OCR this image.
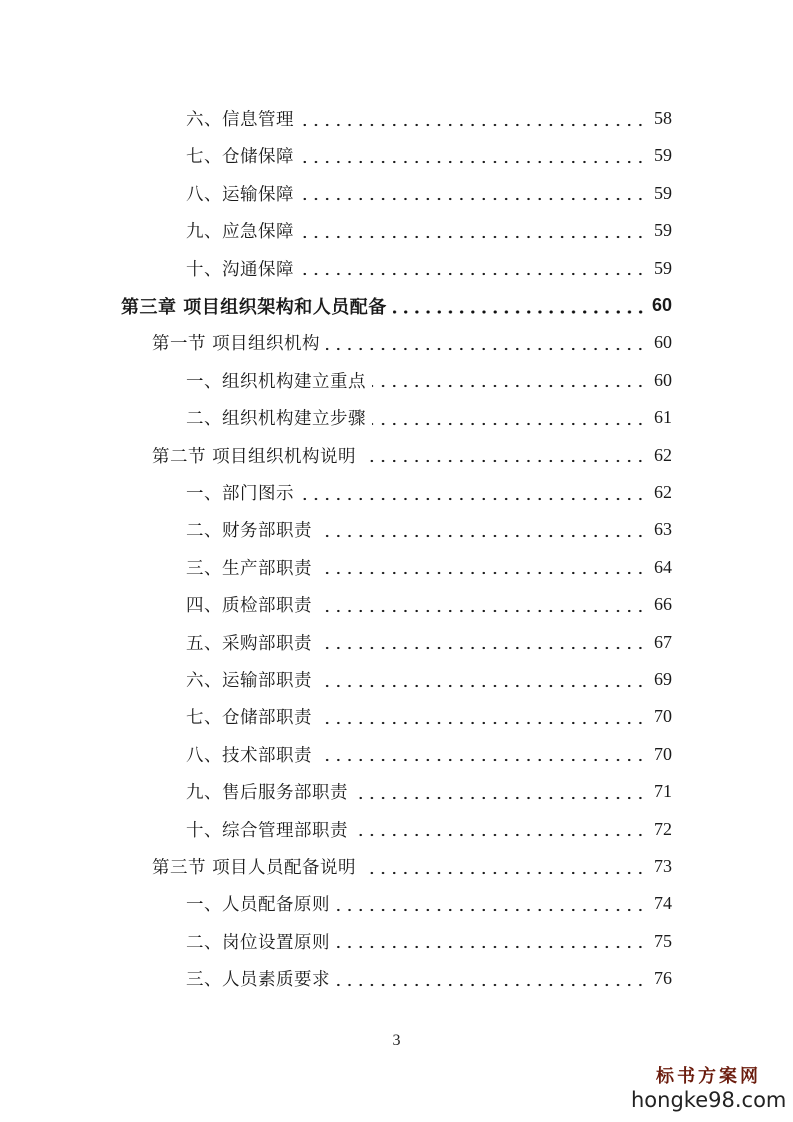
六、信息管理	58
七、仓储保障	59
八、运输保障	59
九、应急保障	59
十、沟通保障	59
第三章 项目组织架构和人员配备	60
第一节 项目组织机构	60
一、组织机构建立重点	60
二、组织机构建立步骤	61
第二节 项目组织机构说明	62
一、部门图示	62
二、财务部职责	63
三、生产部职责	64
四、质检部职责	66
五、采购部职责	67
六、运输部职责	69
七、仓储部职责	70
八、技术部职责	70
九、售后服务部职责	71
十、综合管理部职责	72
第三节 项目人员配备说明	73
一、人员配备原则	74
二、岗位设置原则	75
三、人员素质要求	76
3
标书方案网
hongke98.com
